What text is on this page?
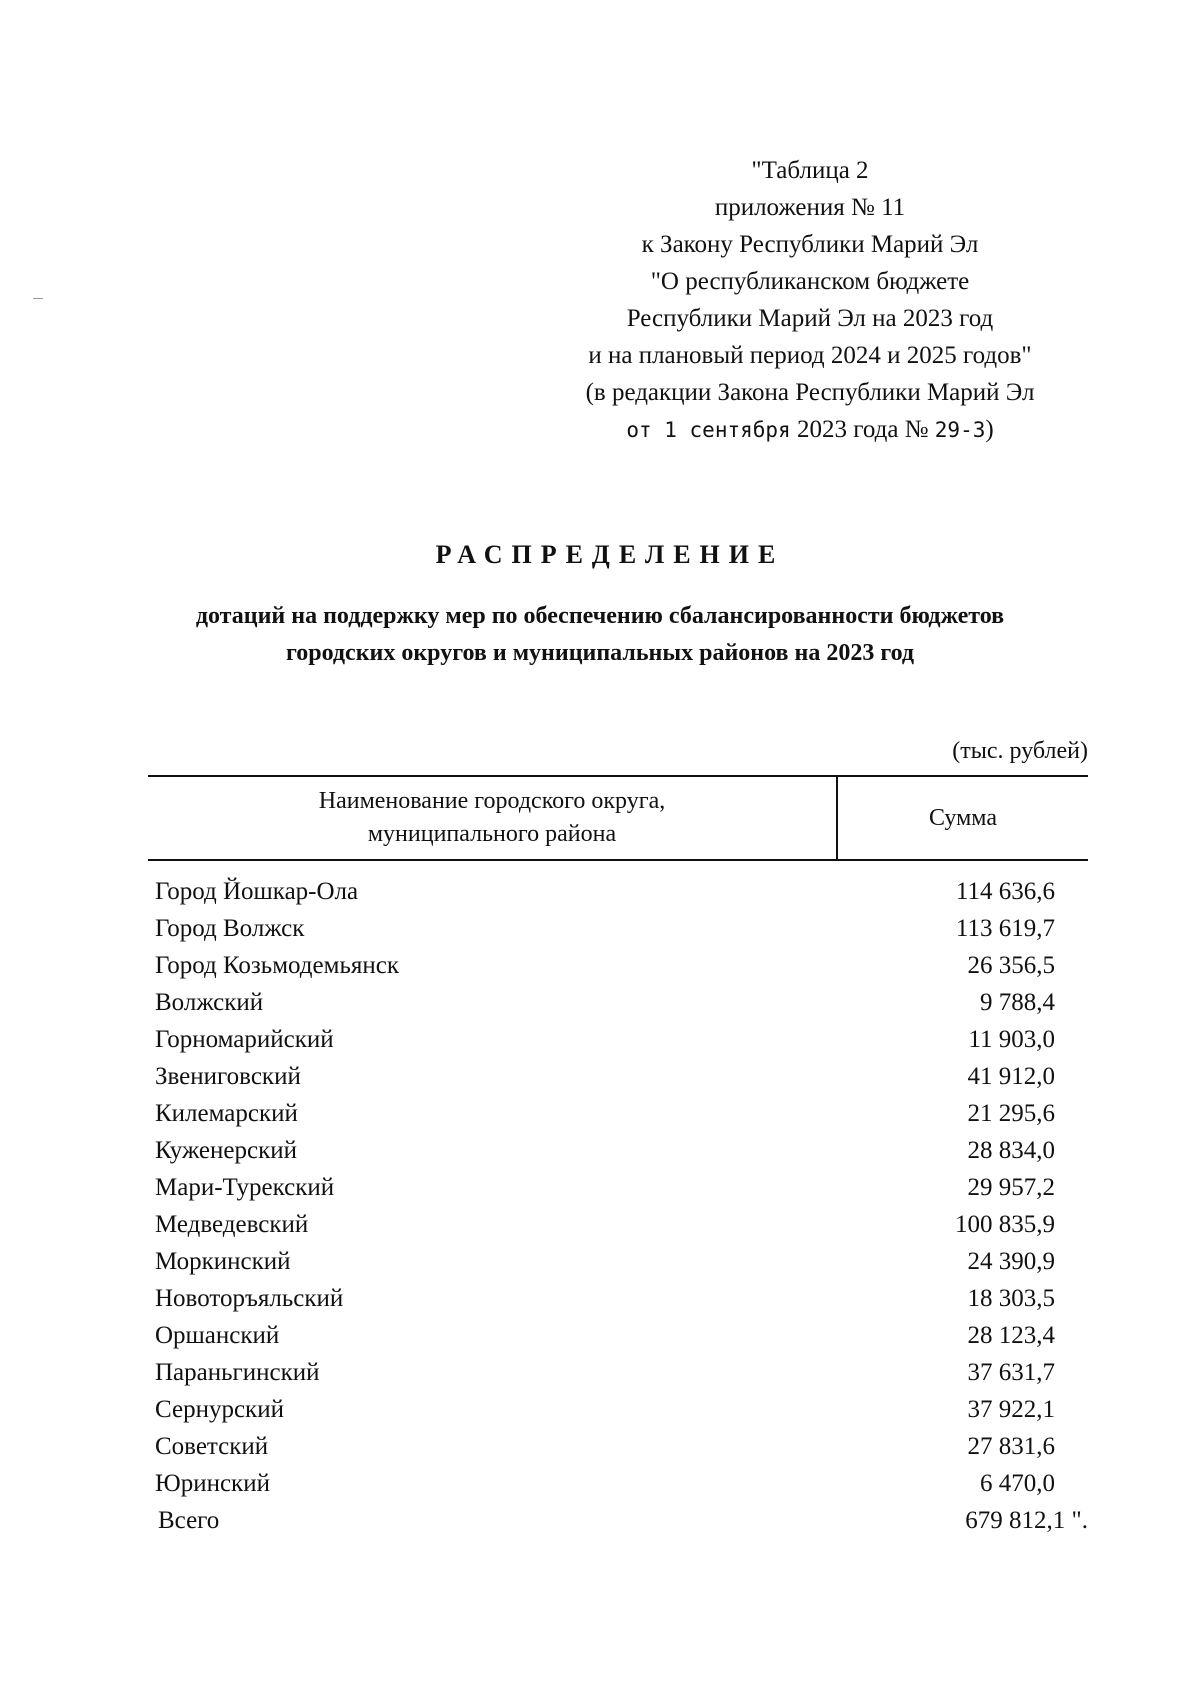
"Таблица 2
приложения № 11
к Закону Республики Марий Эл
"О республиканском бюджете
Республики Марий Эл на 2023 год
и на плановый период 2024 и 2025 годов"
(в редакции Закона Республики Марий Эл
от 1 сентября 2023 года № 29-З)
РАСПРЕДЕЛЕНИЕ
дотаций на поддержку мер по обеспечению сбалансированности бюджетов
городских округов и муниципальных районов на 2023 год
(тыс. рублей)
Наименование городского округа,
муниципального района
Сумма
Город Йошкар-Ола	114 636,6
Город Волжск	113 619,7
Город Козьмодемьянск	26 356,5
Волжский	9 788,4
Горномарийский	11 903,0
Звениговский	41 912,0
Килемарский	21 295,6
Куженерский	28 834,0
Мари-Турекский	29 957,2
Медведевский	100 835,9
Моркинский	24 390,9
Новоторъяльский	18 303,5
Оршанский	28 123,4
Параньгинский	37 631,7
Сернурский	37 922,1
Советский	27 831,6
Юринский	6 470,0
Всего	679 812,1 ".
